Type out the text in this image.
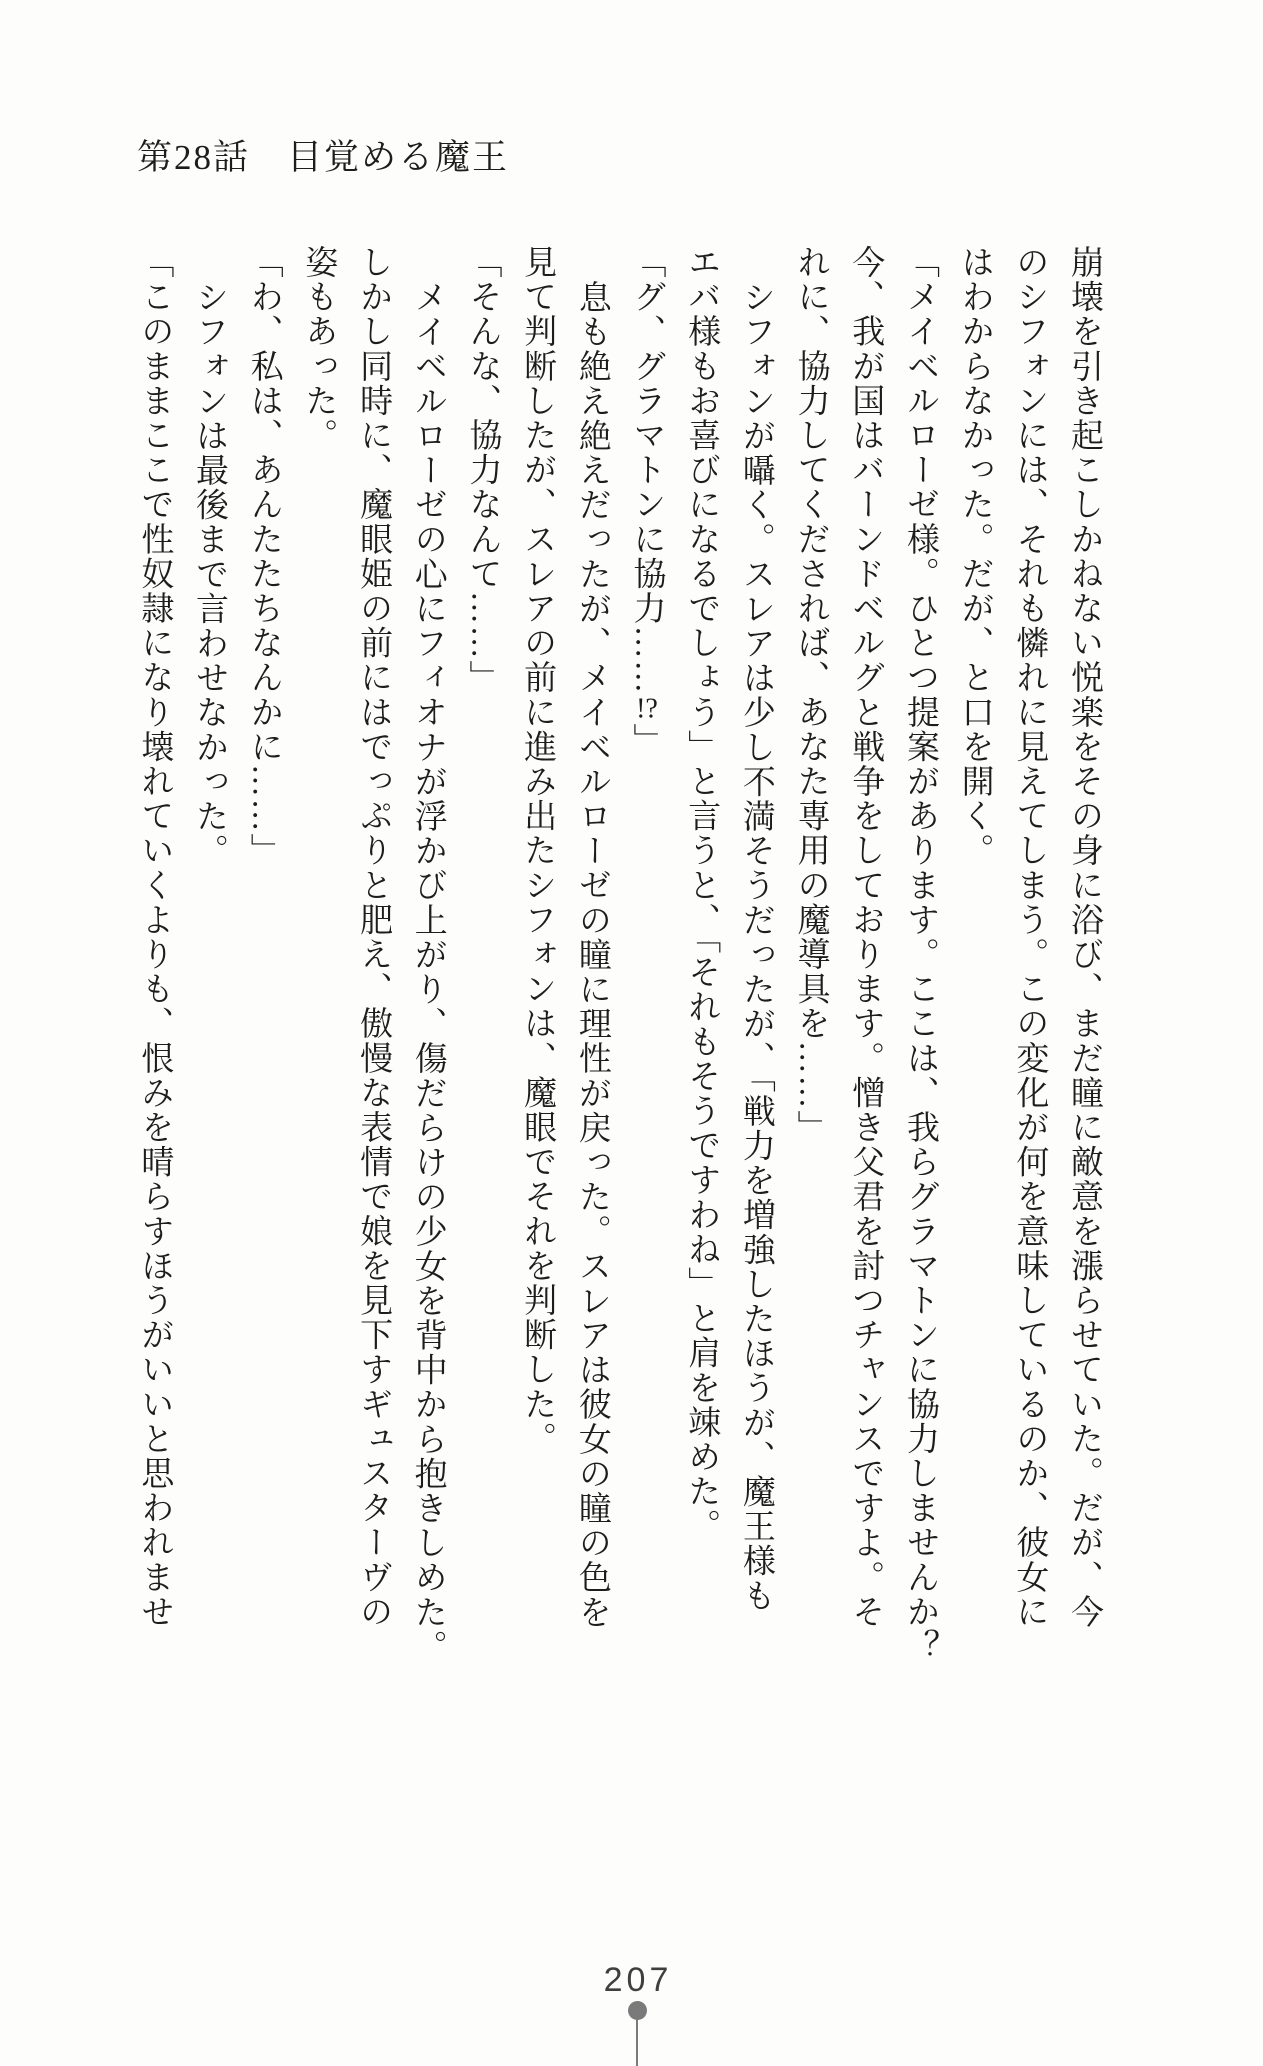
第28話　目覚める魔王
崩壊を引き起こしかねない悦楽をその身に浴び、まだ瞳に敵意を漲らせていた。だが、今
のシフォンには、それも憐れに見えてしまう。この変化が何を意味しているのか、彼女に
はわからなかった。だが、と口を開く。
「メイベルローゼ様。ひとつ提案があります。ここは、我らグラマトンに協力しませんか？
今、我が国はバーンドベルグと戦争をしております。憎き父君を討つチャンスですよ。そ
れに、協力してくだされば、あなた専用の魔導具を……」
シフォンが囁く。スレアは少し不満そうだったが、「戦力を増強したほうが、魔王様も
エバ様もお喜びになるでしょう」と言うと、「それもそうですわね」と肩を竦めた。
「グ、グラマトンに協力……!?」
息も絶え絶えだったが、メイベルローゼの瞳に理性が戻った。スレアは彼女の瞳の色を
見て判断したが、スレアの前に進み出たシフォンは、魔眼でそれを判断した。
「そんな、協力なんて……」
メイベルローゼの心にフィオナが浮かび上がり、傷だらけの少女を背中から抱きしめた。
しかし同時に、魔眼姫の前にはでっぷりと肥え、傲慢な表情で娘を見下すギュスターヴの
姿もあった。
「わ、私は、あんたたちなんかに……」
シフォンは最後まで言わせなかった。
「このままここで性奴隷になり壊れていくよりも、恨みを晴らすほうがいいと思われませ
207
